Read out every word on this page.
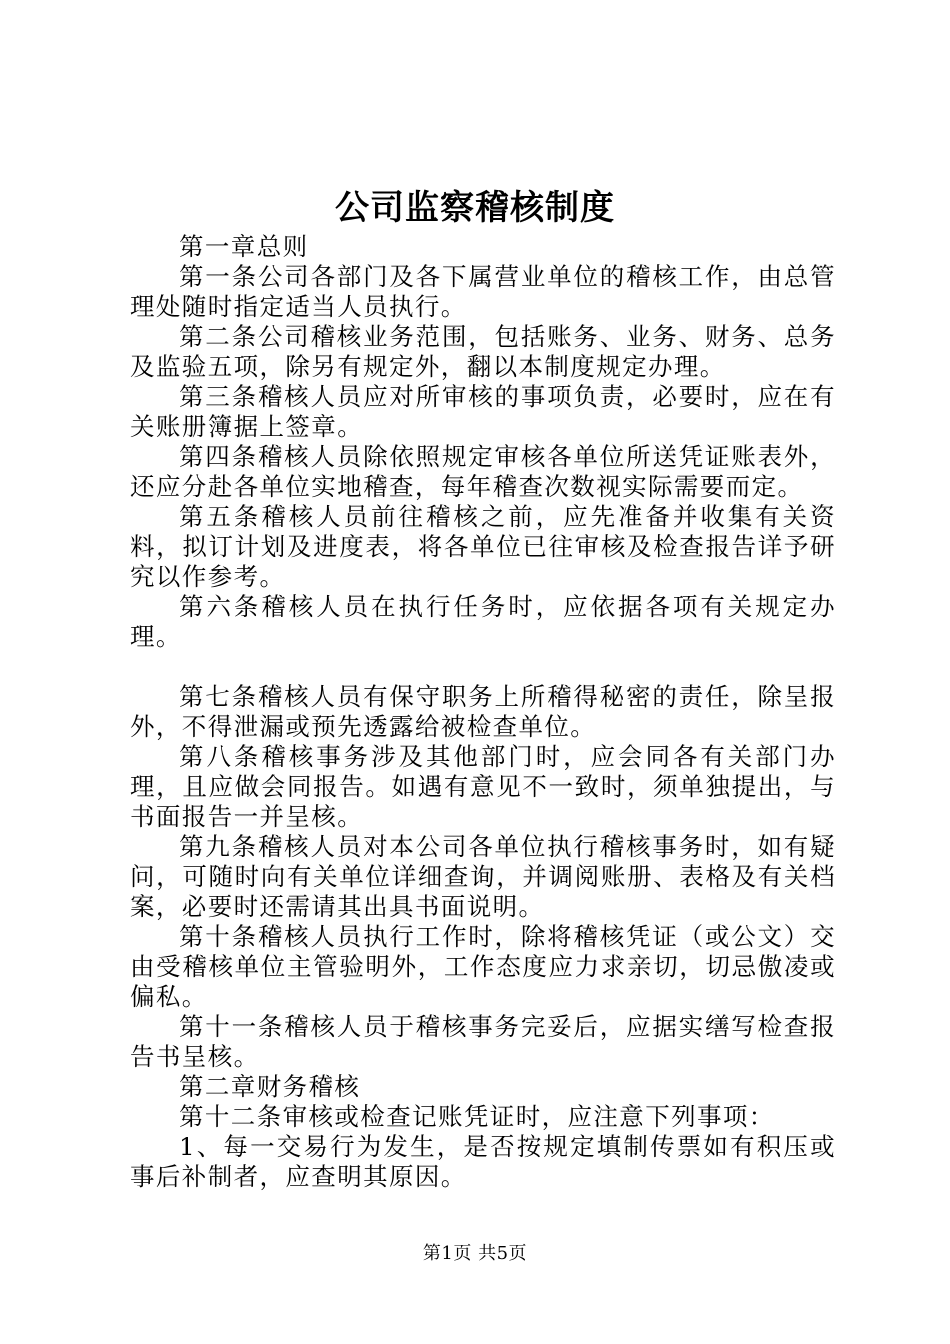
公司监察稽核制度

第一章总则

第一条公司各部门及各下属营业单位的稽核工作，由总管理处随时指定适当人员执行。

第二条公司稽核业务范围，包括账务、业务、财务、总务及监验五项，除另有规定外，翻以本制度规定办理。

第三条稽核人员应对所审核的事项负责，必要时，应在有关账册簿据上签章。

第四条稽核人员除依照规定审核各单位所送凭证账表外，还应分赴各单位实地稽查，每年稽查次数视实际需要而定。

第五条稽核人员前往稽核之前，应先准备并收集有关资料，拟订计划及进度表，将各单位已往审核及检查报告详予研究以作参考。

第六条稽核人员在执行任务时，应依据各项有关规定办理。

第七条稽核人员有保守职务上所稽得秘密的责任，除呈报外，不得泄漏或预先透露给被检查单位。

第八条稽核事务涉及其他部门时，应会同各有关部门办理，且应做会同报告。如遇有意见不一致时，须单独提出，与书面报告一并呈核。

第九条稽核人员对本公司各单位执行稽核事务时，如有疑问，可随时向有关单位详细查询，并调阅账册、表格及有关档案，必要时还需请其出具书面说明。

第十条稽核人员执行工作时，除将稽核凭证（或公文）交由受稽核单位主管验明外，工作态度应力求亲切，切忌傲凌或偏私。

第十一条稽核人员于稽核事务完妥后，应据实缮写检查报告书呈核。

第二章财务稽核

第十二条审核或检查记账凭证时，应注意下列事项：

1、每一交易行为发生，是否按规定填制传票如有积压或事后补制者，应查明其原因。

第1页 共5页
